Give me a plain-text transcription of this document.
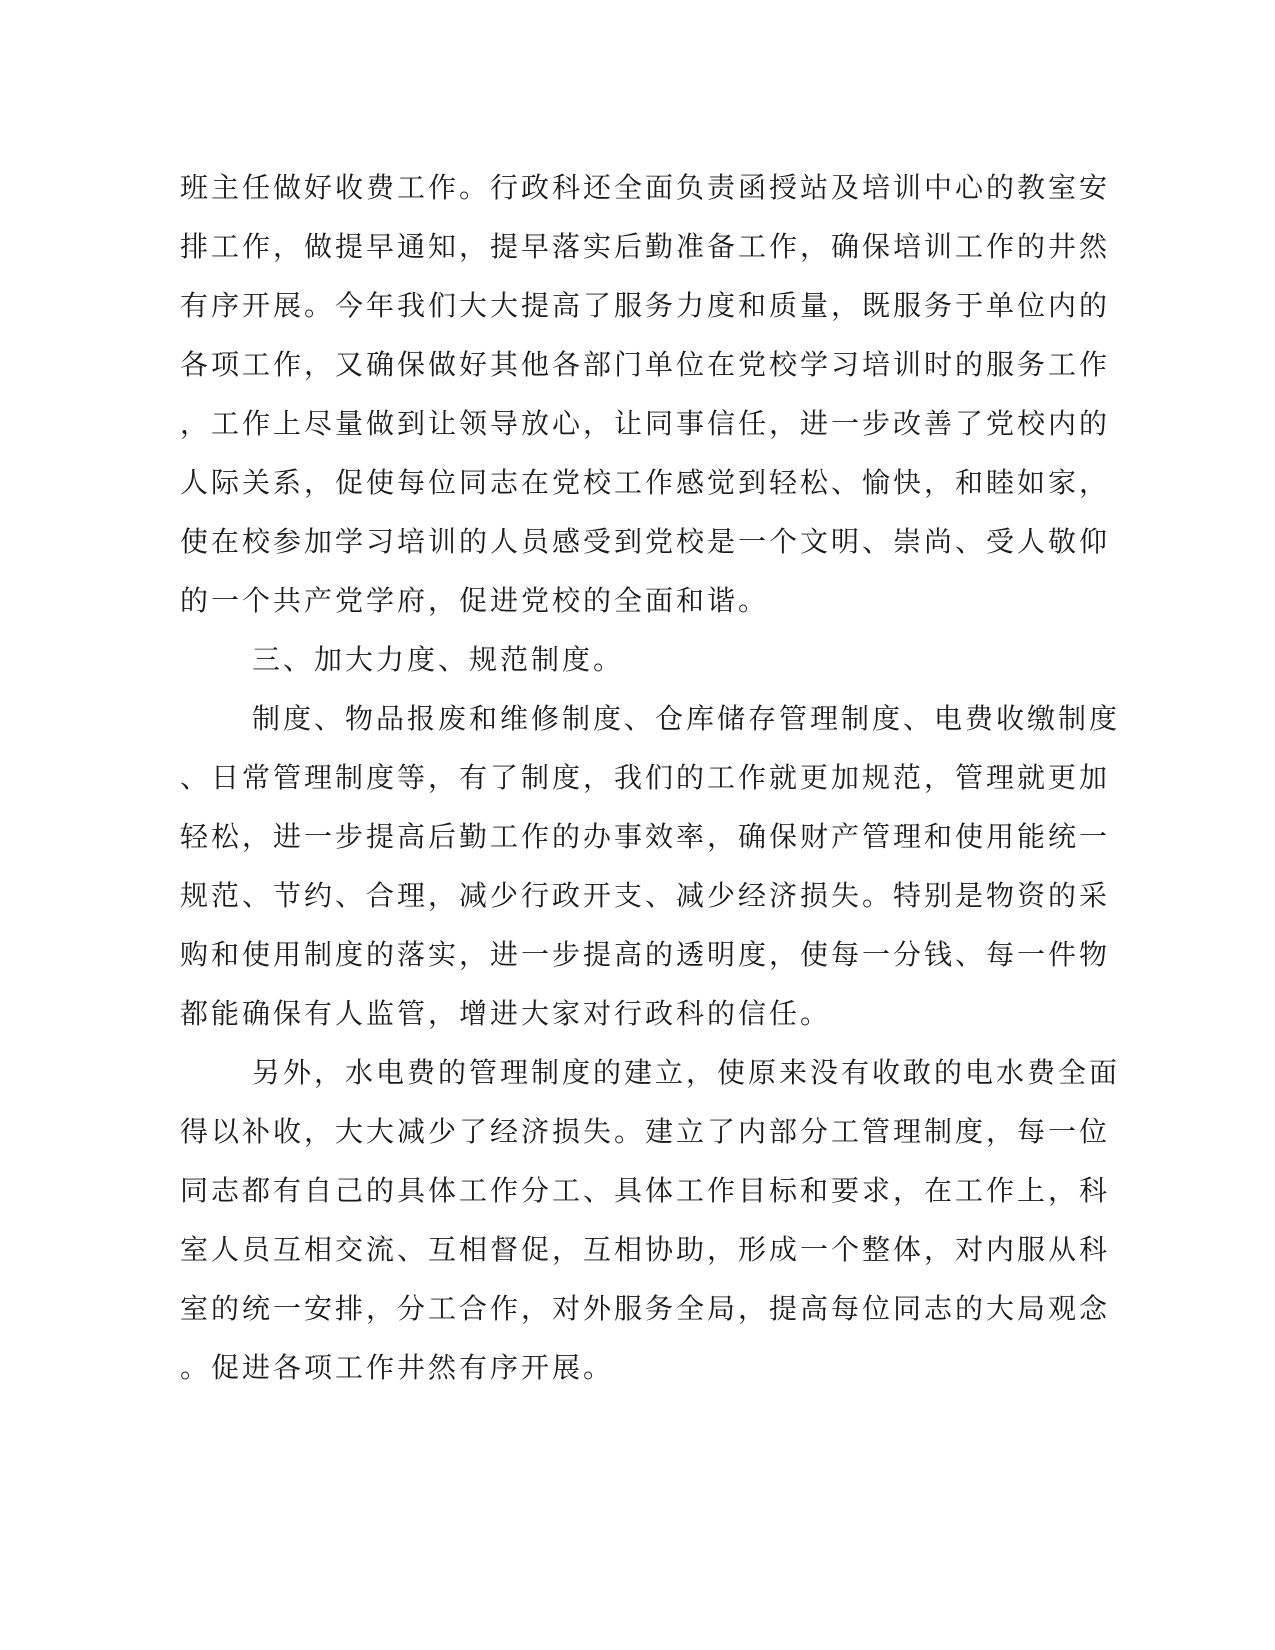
班主任做好收费工作。行政科还全面负责函授站及培训中心的教室安
排工作，做提早通知，提早落实后勤准备工作，确保培训工作的井然
有序开展。今年我们大大提高了服务力度和质量，既服务于单位内的
各项工作，又确保做好其他各部门单位在党校学习培训时的服务工作
，工作上尽量做到让领导放心，让同事信任，进一步改善了党校内的
人际关系，促使每位同志在党校工作感觉到轻松、愉快，和睦如家，
使在校参加学习培训的人员感受到党校是一个文明、崇尚、受人敬仰
的一个共产党学府，促进党校的全面和谐。
三、加大力度、规范制度。
制度、物品报废和维修制度、仓库储存管理制度、电费收缴制度
、日常管理制度等，有了制度，我们的工作就更加规范，管理就更加
轻松，进一步提高后勤工作的办事效率，确保财产管理和使用能统一
规范、节约、合理，减少行政开支、减少经济损失。特别是物资的采
购和使用制度的落实，进一步提高的透明度，使每一分钱、每一件物
都能确保有人监管，增进大家对行政科的信任。
另外，水电费的管理制度的建立，使原来没有收敢的电水费全面
得以补收，大大减少了经济损失。建立了内部分工管理制度，每一位
同志都有自己的具体工作分工、具体工作目标和要求，在工作上，科
室人员互相交流、互相督促，互相协助，形成一个整体，对内服从科
室的统一安排，分工合作，对外服务全局，提高每位同志的大局观念
。促进各项工作井然有序开展。
